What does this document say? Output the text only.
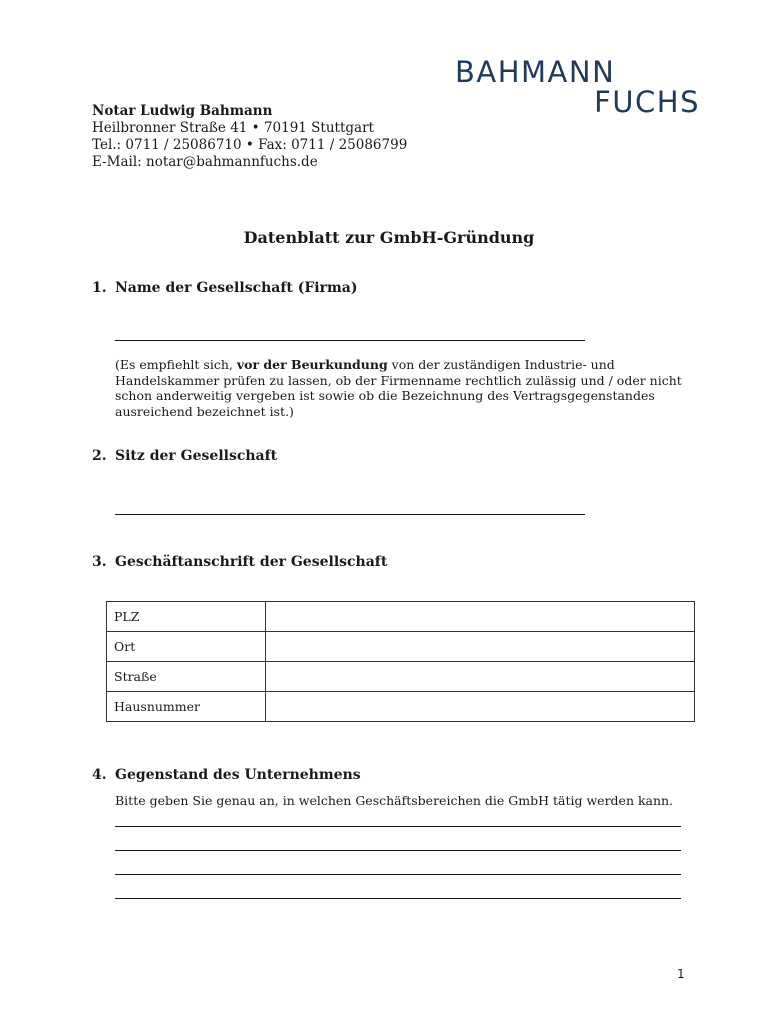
BAHMANN
FUCHS
Notar Ludwig Bahmann
Heilbronner Straße 41 • 70191 Stuttgart
Tel.: 0711 / 25086710 • Fax: 0711 / 25086799
E-Mail: notar@bahmannfuchs.de
Datenblatt zur GmbH-Gründung
1. Name der Gesellschaft (Firma)
(Es empfiehlt sich, vor der Beurkundung von der zuständigen Industrie- und Handelskammer prüfen zu lassen, ob der Firmenname rechtlich zulässig und / oder nicht schon anderweitig vergeben ist sowie ob die Bezeichnung des Vertragsgegenstandes ausreichend bezeichnet ist.)
2. Sitz der Gesellschaft
3. Geschäftanschrift der Gesellschaft
PLZ	
Ort	
Straße	
Hausnummer	
4. Gegenstand des Unternehmens
Bitte geben Sie genau an, in welchen Geschäftsbereichen die GmbH tätig werden kann.
1
